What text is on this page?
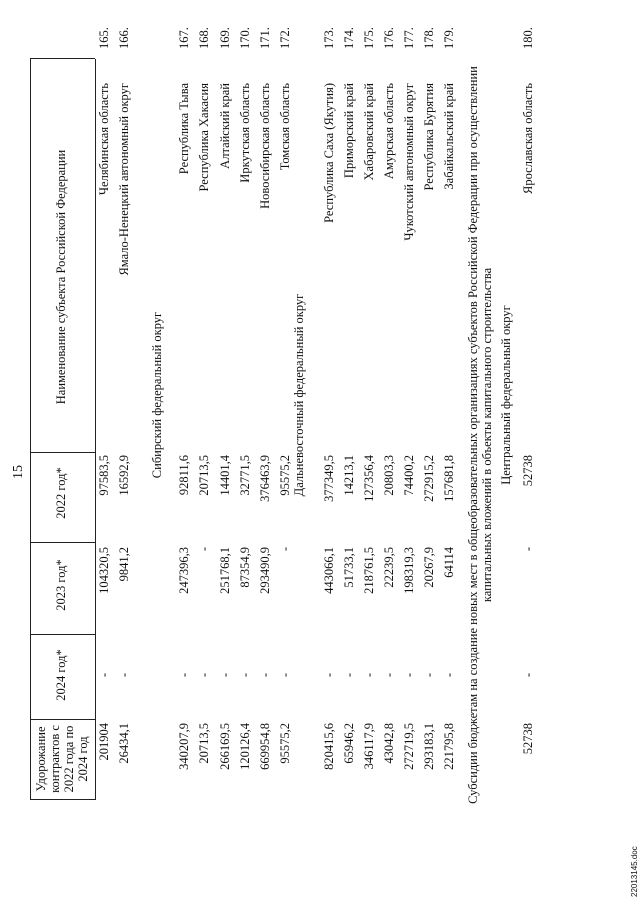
15
Наименование субъекта Российской Федерации
2022 год*
2023 год*
2024 год*
Удорожание контрактов с 2022 года по 2024 год
Сибирский федеральный округ	Дальневосточный федеральный округ	Субсидии бюджетам на создание новых мест в общеобразовательных организациях субъектов Российской Федерации при осуществлении капитальных вложений в объекты капитального строительства Центральный федеральный округ
165.
Челябинская область
97583,5
104320,5
-
201904
166.
Ямало-Ненецкий автономный округ
16592,9
9841,2
-
26434,1
167.
Республика Тыва
92811,6
247396,3
-
340207,9
168.
Республика Хакасия
20713,5
-
-
20713,5
169.
Алтайский край
14401,4
251768,1
-
266169,5
170.
Иркутская область
32771,5
87354,9
-
120126,4
171.
Новосибирская область
376463,9
293490,9
-
669954,8
172.
Томская область
95575,2
-
-
95575,2
173.
Республика Саха (Якутия)
377349,5
443066,1
-
820415,6
174.
Приморский край
14213,1
51733,1
-
65946,2
175.
Хабаровский край
127356,4
218761,5
-
346117,9
176.
Амурская область
20803,3
22239,5
-
43042,8
177.
Чукотский автономный округ
74400,2
198319,3
-
272719,5
178.
Республика Бурятия
272915,2
20267,9
-
293183,1
179.
Забайкальский край
157681,8
64114
-
221795,8
180.
Ярославская область
52738
-
-
52738
22013145.doc
